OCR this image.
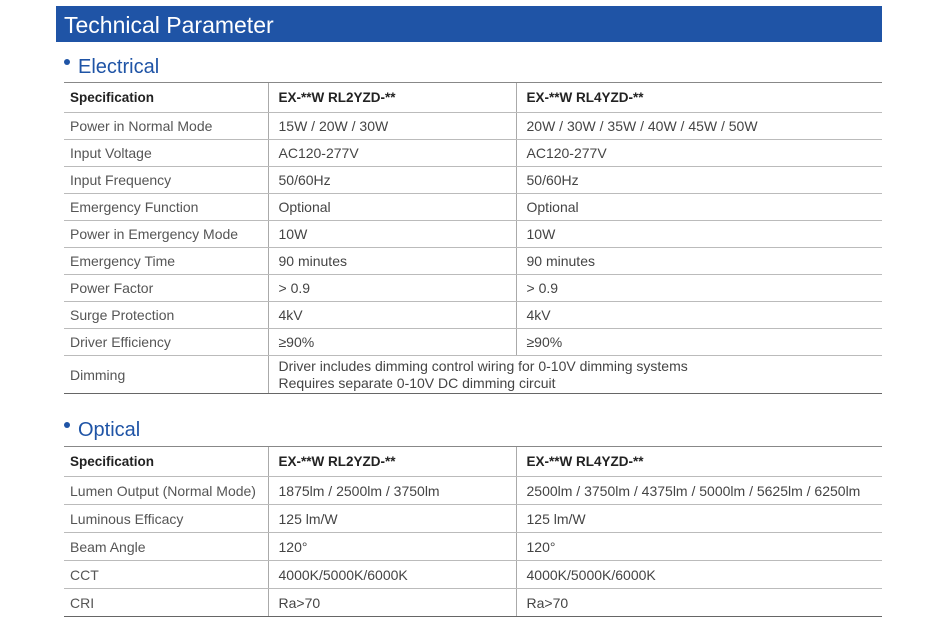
Technical Parameter
Electrical
Specification	EX-**W RL2YZD-**	EX-**W RL4YZD-**
Power in Normal Mode	15W / 20W / 30W	20W / 30W / 35W / 40W / 45W / 50W
Input Voltage	AC120-277V	AC120-277V
Input Frequency	50/60Hz	50/60Hz
Emergency Function	Optional	Optional
Power in Emergency Mode	10W	10W
Emergency Time	90 minutes	90 minutes
Power Factor	> 0.9	> 0.9
Surge Protection	4kV	4kV
Driver Efficiency	≥90%	≥90%
Dimming	Driver includes dimming control wiring for 0-10V dimming systems
Requires separate 0-10V DC dimming circuit	
Optical
Specification	EX-**W RL2YZD-**	EX-**W RL4YZD-**
Lumen Output (Normal Mode)	1875lm / 2500lm / 3750lm	2500lm / 3750lm / 4375lm / 5000lm / 5625lm / 6250lm
Luminous Efficacy	125 lm/W	125 lm/W
Beam Angle	120°	120°
CCT	4000K/5000K/6000K	4000K/5000K/6000K
CRI	Ra>70	Ra>70
